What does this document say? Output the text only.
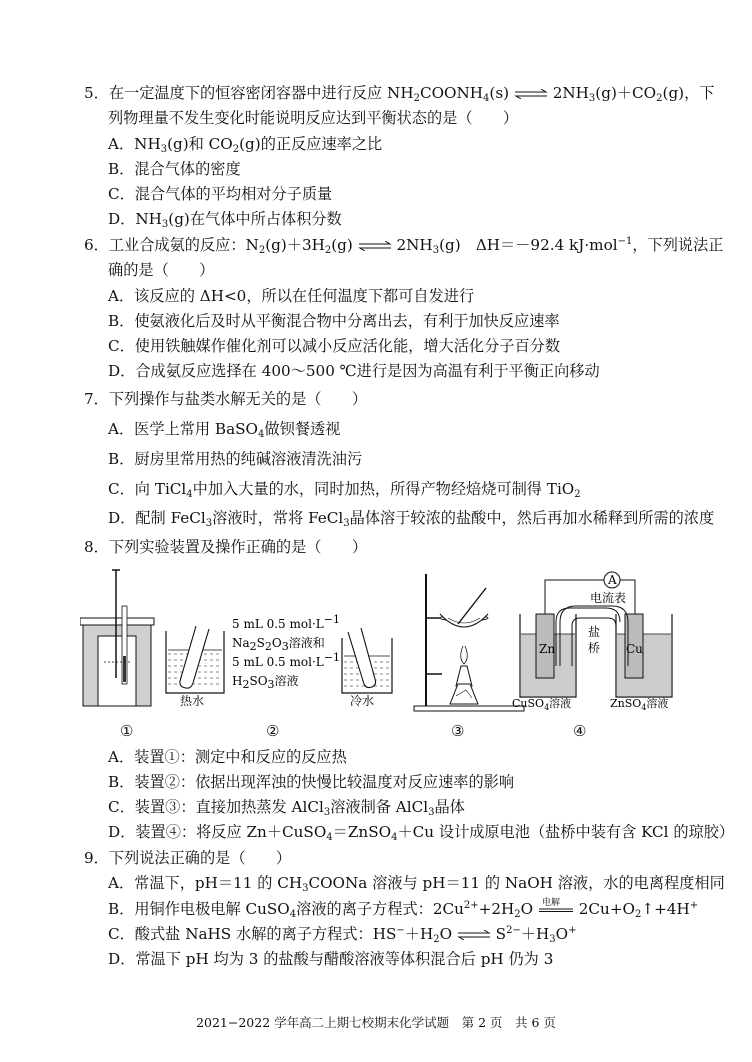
5．在一定温度下的恒容密闭容器中进行反应 $NH_2COONH_4(s)$ ⇌ $2NH_3(g)+CO_2(g)$，下
列物理量不发生变化时能说明反应达到平衡状态的是（　　）
A．$NH_3(g)$和 $CO_2(g)$的正反应速率之比
B．混合气体的密度
C．混合气体的平均相对分子质量
D．$NH_3(g)$在气体中所占体积分数
6．工业合成氨的反应：$N_2(g)+3H_2(g)$ ⇌ $2NH_3(g)$　ΔH＝－92.4 kJ·mol$^{-1}$，下列说法正
确的是（　　）
A．该反应的 ΔH<0，所以在任何温度下都可自发进行
B．使氨液化后及时从平衡混合物中分离出去，有利于加快反应速率
C．使用铁触媒作催化剂可以减小反应活化能，增大活化分子百分数
D．合成氨反应选择在 400～500 ℃进行是因为高温有利于平衡正向移动
7．下列操作与盐类水解无关的是（　　）
A．医学上常用 BaSO$_4$做钡餐透视
B．厨房里常用热的纯碱溶液清洗油污
C．向 TiCl$_4$中加入大量的水，同时加热，所得产物经焙烧可制得 TiO$_2$
D．配制 FeCl$_3$溶液时，常将 FeCl$_3$晶体溶于较浓的盐酸中，然后再加水稀释到所需的浓度
8．下列实验装置及操作正确的是（　　）
热水
5 mL 0.5 mol·L−1
Na2S2O3溶液和
5 mL 0.5 mol·L−1
H2SO3溶液
冷水
A
电流表
Zn	Cu
盐
桥
CuSO$_4$溶液	ZnSO$_4$溶液
①	②	③	④
A．装置①：测定中和反应的反应热
B．装置②：依据出现浑浊的快慢比较温度对反应速率的影响
C．装置③：直接加热蒸发 AlCl$_3$溶液制备 AlCl$_3$晶体
D．装置④：将反应 Zn＋CuSO$_4$＝ZnSO$_4$＋Cu 设计成原电池（盐桥中装有含 KCl 的琼胶）
9．下列说法正确的是（　　）
A．常温下，pH＝11 的 $CH_3COONa$ 溶液与 pH＝11 的 NaOH 溶液，水的电离程度相同
B．用铜作电极电解 CuSO$_4$溶液的离子方程式：$2Cu^{2+}+2H_2O$ 电解 $2Cu+O_2↑+4H^+$
C．酸式盐 NaHS 水解的离子方程式：$HS^-+H_2O$ ⇌ $S^{2-}+H_3O^+$
D．常温下 pH 均为 3 的盐酸与醋酸溶液等体积混合后 pH 仍为 3
2021−2022 学年高二上期七校期末化学试题　第 2 页　共 6 页
